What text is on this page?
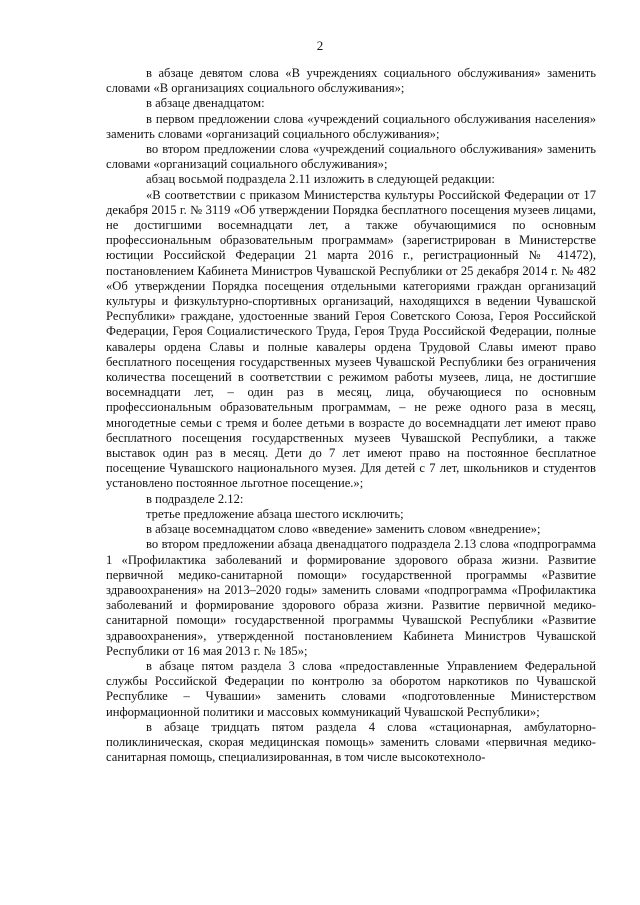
2

в абзаце девятом слова «В учреждениях социального обслуживания» заменить словами «В организациях социального обслуживания»;

в абзаце двенадцатом:

в первом предложении слова «учреждений социального обслуживания населения» заменить словами «организаций социального обслуживания»;

во втором предложении слова «учреждений социального обслуживания» заменить словами «организаций социального обслуживания»;

абзац восьмой подраздела 2.11 изложить в следующей редакции:

«В соответствии с приказом Министерства культуры Российской Федерации от 17 декабря 2015 г. № 3119 «Об утверждении Порядка бесплатного посещения музеев лицами, не достигшими восемнадцати лет, а также обучающимися по основным профессиональным образовательным программам» (зарегистрирован в Министерстве юстиции Российской Федерации 21 марта 2016 г., регистрационный № 41472), постановлением Кабинета Министров Чувашской Республики от 25 декабря 2014 г. № 482 «Об утверждении Порядка посещения отдельными категориями граждан организаций культуры и физкультурно-спортивных организаций, находящихся в ведении Чувашской Республики» граждане, удостоенные званий Героя Советского Союза, Героя Российской Федерации, Героя Социалистического Труда, Героя Труда Российской Федерации, полные кавалеры ордена Славы и полные кавалеры ордена Трудовой Славы имеют право бесплатного посещения государственных музеев Чувашской Республики без ограничения количества посещений в соответствии с режимом работы музеев, лица, не достигшие восемнадцати лет, – один раз в месяц, лица, обучающиеся по основным профессиональным образовательным программам, – не реже одного раза в месяц, многодетные семьи с тремя и более детьми в возрасте до восемнадцати лет имеют право бесплатного посещения государственных музеев Чувашской Республики, а также выставок один раз в месяц. Дети до 7 лет имеют право на постоянное бесплатное посещение Чувашского национального музея. Для детей с 7 лет, школьников и студентов установлено постоянное льготное посещение.»;

в подразделе 2.12:

третье предложение абзаца шестого исключить;

в абзаце восемнадцатом слово «введение» заменить словом «внедрение»;

во втором предложении абзаца двенадцатого подраздела 2.13 слова «подпрограмма 1 «Профилактика заболеваний и формирование здорового образа жизни. Развитие первичной медико-санитарной помощи» государственной программы «Развитие здравоохранения» на 2013–2020 годы» заменить словами «подпрограмма «Профилактика заболеваний и формирование здорового образа жизни. Развитие первичной медико-санитарной помощи» государственной программы Чувашской Республики «Развитие здравоохранения», утвержденной постановлением Кабинета Министров Чувашской Республики от 16 мая 2013 г. № 185»;

в абзаце пятом раздела 3 слова «предоставленные Управлением Федеральной службы Российской Федерации по контролю за оборотом наркотиков по Чувашской Республике – Чувашии» заменить словами «подготовленные Министерством информационной политики и массовых коммуникаций Чувашской Республики»;

в абзаце тридцать пятом раздела 4 слова «стационарная, амбулаторно-поликлиническая, скорая медицинская помощь» заменить словами «первичная медико-санитарная помощь, специализированная, в том числе высокотехноло-
